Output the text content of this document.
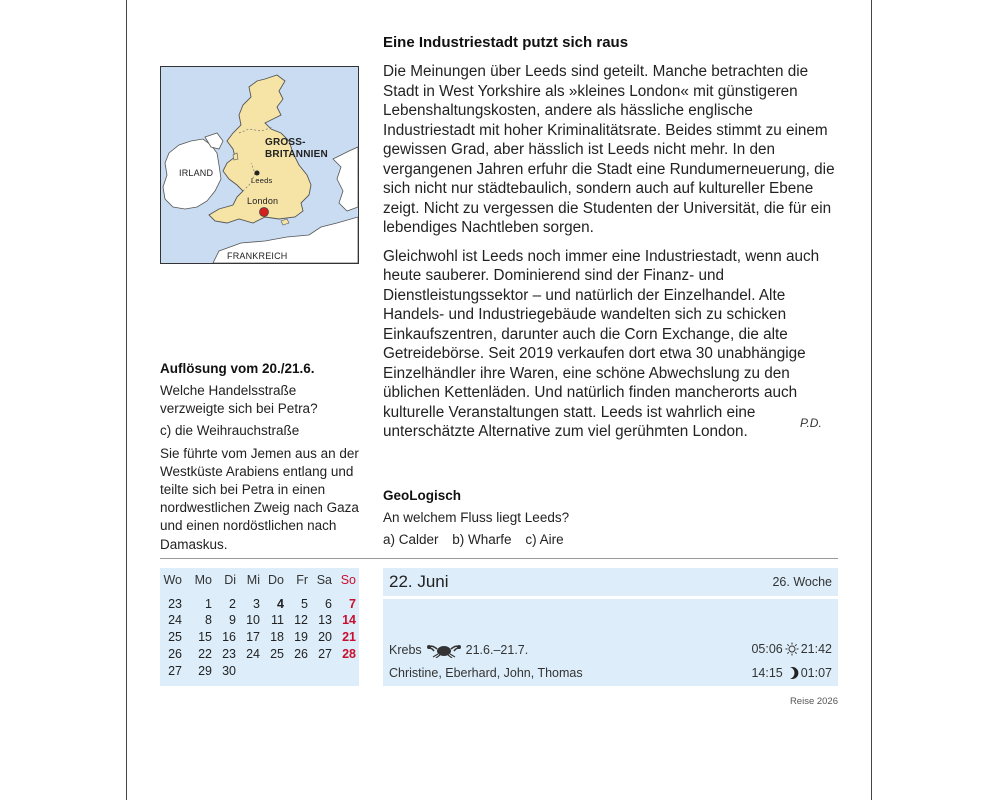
GROSS-
BRITANNIEN
IRLAND
Leeds
London
FRANKREICH
Eine Industriestadt putzt sich raus

Die Meinungen über Leeds sind geteilt. Manche betrachten die Stadt in West Yorkshire als »kleines London« mit günstigeren Lebenshaltungskosten, andere als hässliche englische Industriestadt mit hoher Kriminalitätsrate. Beides stimmt zu einem gewissen Grad, aber hässlich ist Leeds nicht mehr. In den vergangenen Jahren erfuhr die Stadt eine Rundumerneuerung, die sich nicht nur städtebaulich, sondern auch auf kultureller Ebene zeigt. Nicht zu vergessen die Studenten der Universität, die für ein lebendiges Nachtleben sorgen.

Gleichwohl ist Leeds noch immer eine Industriestadt, wenn auch heute sauberer. Dominierend sind der Finanz- und Dienstleistungssektor – und natürlich der Einzelhandel. Alte Handels- und Industriegebäude wandelten sich zu schicken Einkaufszentren, darunter auch die Corn Exchange, die alte Getreidebörse. Seit 2019 verkaufen dort etwa 30 unabhängige Einzelhändler ihre Waren, eine schöne Abwechslung zu den üblichen Kettenläden. Und natürlich finden mancherorts auch kulturelle Veranstaltungen statt. Leeds ist wahrlich eine unterschätzte Alternative zum viel gerühmten London.	P.D.
Auflösung vom 20./21.6.

Welche Handelsstraße verzweigte sich bei Petra?

c) die Weihrauchstraße

Sie führte vom Jemen aus an der Westküste Arabiens entlang und teilte sich bei Petra in einen nordwestlichen Zweig nach Gaza und einen nordöstlichen nach Damaskus.

GeoLogisch
An welchem Fluss liegt Leeds?
a) Calder b) Wharfe c) Aire
Wo	Mo Di Mi Do Fr Sa So
23	1	2	3	4	5	6	7
24	8	9 10 11 12 13 14
25	15 16 17 18 19 20 21
26	22 23 24 25 26 27 28
27	29 30
22. Juni	26. Woche
Krebs	21.6.–21.7.
Christine, Eberhard, John, Thomas
05:06 21:42
14:15 01:07
Reise 2026
